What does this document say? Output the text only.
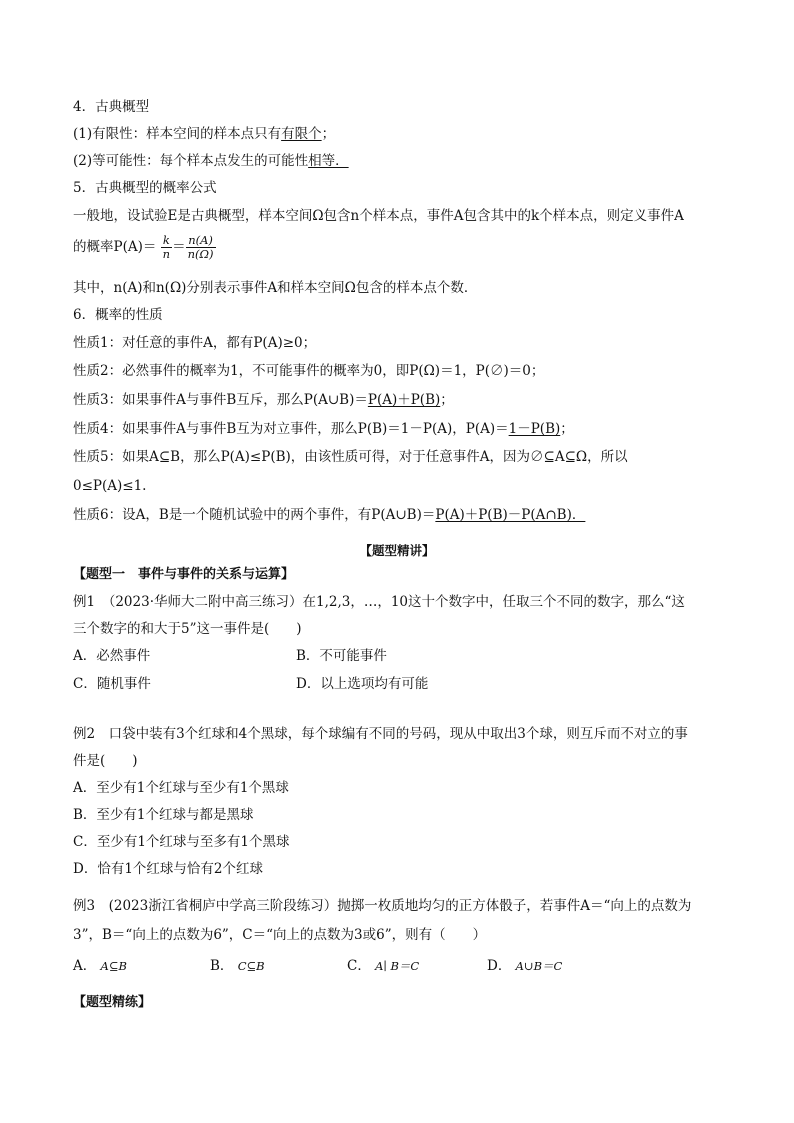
4．古典概型
(1)有限性：样本空间的样本点只有有限个；
(2)等可能性：每个样本点发生的可能性相等．
5．古典概型的概率公式
一般地，设试验E是古典概型，样本空间Ω包含n个样本点，事件A包含其中的k个样本点，则定义事件A
的概率$P(A)= \frac{k}{n} = \frac{n(A)}{n(\Omega)}$
其中，n(A)和n(Ω)分别表示事件A和样本空间Ω包含的样本点个数．
6．概率的性质
性质1：对任意的事件A，都有P(A)≥0；
性质2：必然事件的概率为1，不可能事件的概率为0，即P(Ω)＝1，P(∅)＝0；
性质3：如果事件A与事件B互斥，那么P(A∪B)＝P(A)＋P(B)；
性质4：如果事件A与事件B互为对立事件，那么P(B)＝1－P(A)，P(A)＝1－P(B)；
性质5：如果A⊆B，那么P(A)≤P(B)，由该性质可得，对于任意事件A，因为∅⊆A⊆Ω，所以
0≤P(A)≤1.
性质6：设A，B是一个随机试验中的两个事件，有P(A∪B)＝P(A)＋P(B)－P(A∩B)．
【题型精讲】
【题型一　事件与事件的关系与运算】
例1　（2023·华师大二附中高三练习）在1,2,3，…，10这十个数字中，任取三个不同的数字，那么“这
三个数字的和大于5”这一事件是(　　)
A．必然事件	B．不可能事件
C．随机事件	D．以上选项均有可能
例2　口袋中装有3个红球和4个黑球，每个球编有不同的号码，现从中取出3个球，则互斥而不对立的事
件是(　　)
A．至少有1个红球与至少有1个黑球
B．至少有1个红球与都是黑球
C．至少有1个红球与至多有1个黑球
D．恰有1个红球与恰有2个红球
例3　(2023浙江省桐庐中学高三阶段练习）抛掷一枚质地均匀的正方体骰子，若事件A＝“向上的点数为
3”，B＝“向上的点数为6”，C＝“向上的点数为3或6”，则有（　　）
A． A⊆B	B． C⊆B	C． A∣ B＝C	D． A∪B＝C
【题型精练】
